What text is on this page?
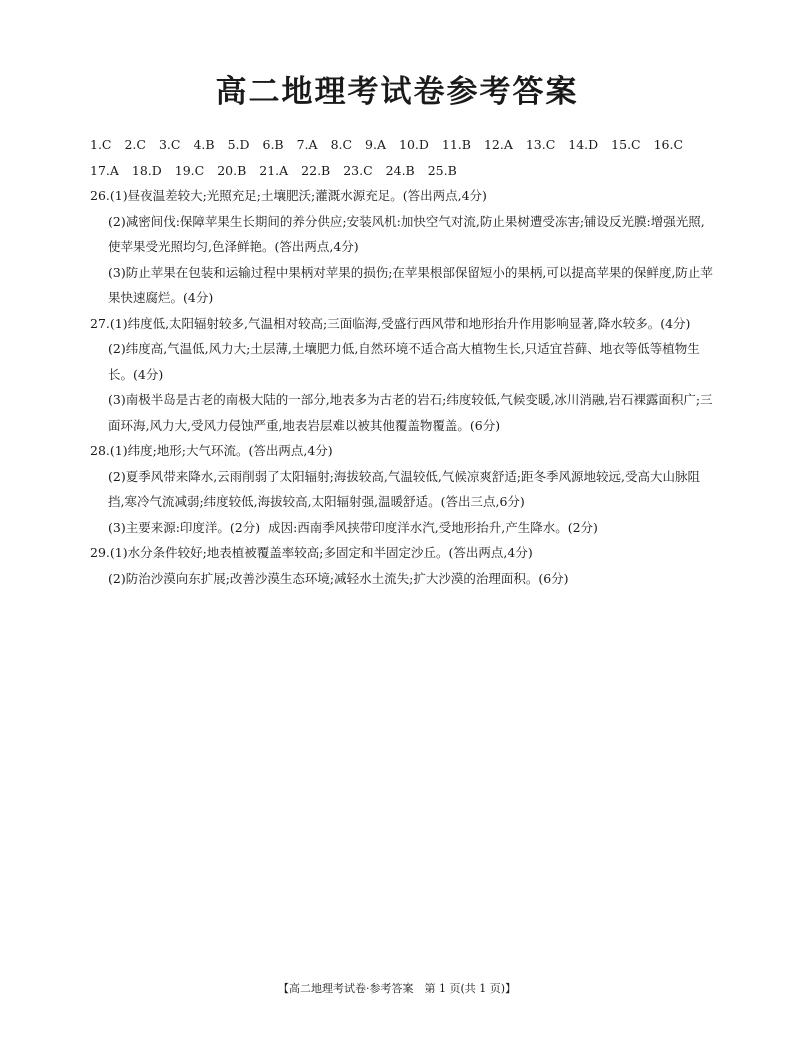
高二地理考试卷参考答案
1.C 2.C 3.C 4.B 5.D 6.B 7.A 8.C 9.A 10.D 11.B 12.A 13.C 14.D 15.C 16.C
17.A 18.D 19.C 20.B 21.A 22.B 23.C 24.B 25.B

26.(1)昼夜温差较大;光照充足;土壤肥沃;灌溉水源充足。(答出两点,4分)

(2)减密间伐:保障苹果生长期间的养分供应;安装风机:加快空气对流,防止果树遭受冻害;铺设反光膜:增强光照,使苹果受光照均匀,色泽鲜艳。(答出两点,4分)

(3)防止苹果在包装和运输过程中果柄对苹果的损伤;在苹果根部保留短小的果柄,可以提高苹果的保鲜度,防止苹果快速腐烂。(4分)

27.(1)纬度低,太阳辐射较多,气温相对较高;三面临海,受盛行西风带和地形抬升作用影响显著,降水较多。(4分)

(2)纬度高,气温低,风力大;土层薄,土壤肥力低,自然环境不适合高大植物生长,只适宜苔藓、地衣等低等植物生长。(4分)

(3)南极半岛是古老的南极大陆的一部分,地表多为古老的岩石;纬度较低,气候变暖,冰川消融,岩石裸露面积广;三面环海,风力大,受风力侵蚀严重,地表岩层难以被其他覆盖物覆盖。(6分)

28.(1)纬度;地形;大气环流。(答出两点,4分)

(2)夏季风带来降水,云雨削弱了太阳辐射;海拔较高,气温较低,气候凉爽舒适;距冬季风源地较远,受高大山脉阻挡,寒冷气流减弱;纬度较低,海拔较高,太阳辐射强,温暖舒适。(答出三点,6分)

(3)主要来源:印度洋。(2分)  成因:西南季风挟带印度洋水汽,受地形抬升,产生降水。(2分)

29.(1)水分条件较好;地表植被覆盖率较高;多固定和半固定沙丘。(答出两点,4分)

(2)防治沙漠向东扩展;改善沙漠生态环境;减轻水土流失;扩大沙漠的治理面积。(6分)

【高二地理考试卷·参考答案　第 1 页(共 1 页)】
